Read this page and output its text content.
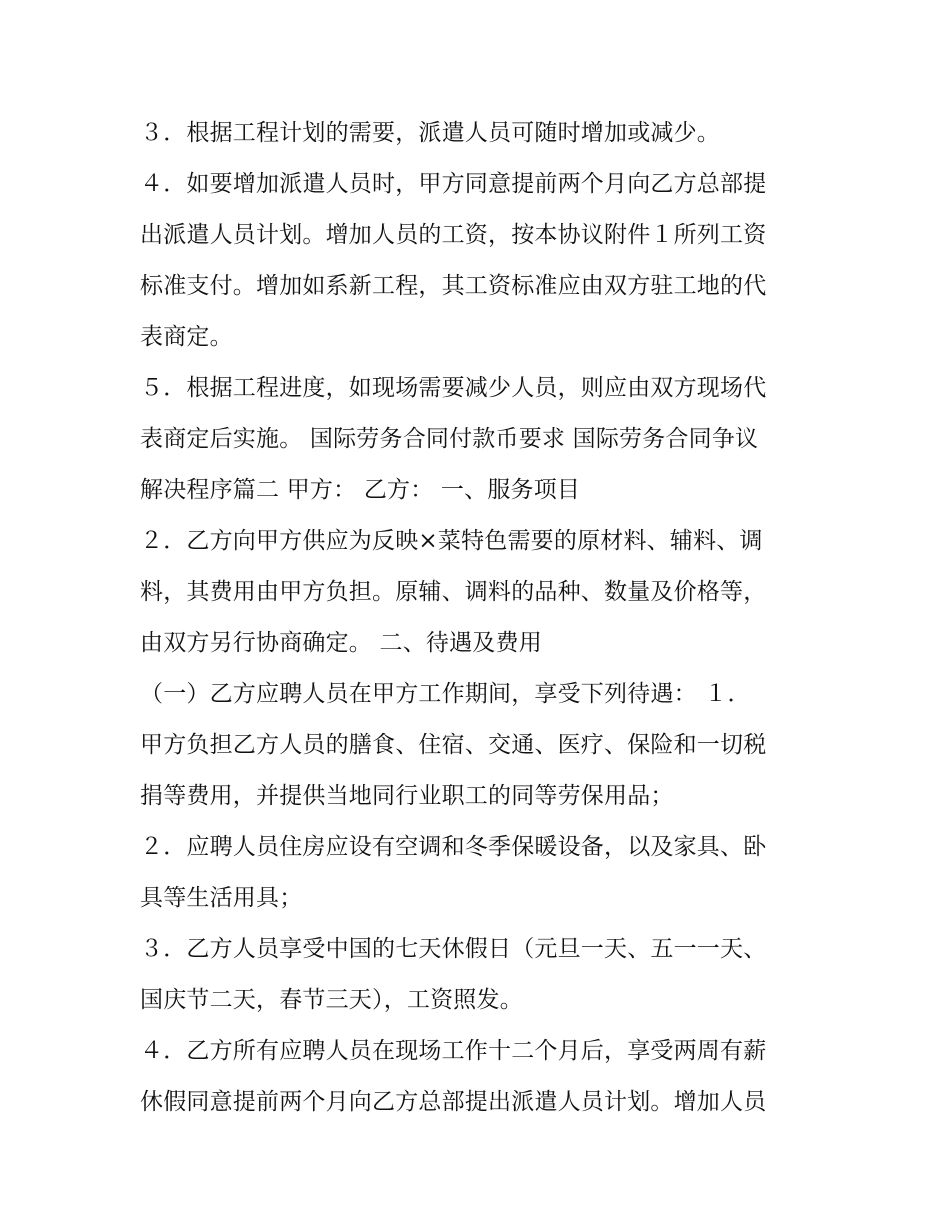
３．根据工程计划的需要，派遣人员可随时增加或减少。
４．如要增加派遣人员时，甲方同意提前两个月向乙方总部提
出派遣人员计划。增加人员的工资，按本协议附件１所列工资
标准支付。增加如系新工程，其工资标准应由双方驻工地的代
表商定。
５．根据工程进度，如现场需要减少人员，则应由双方现场代
表商定后实施。 国际劳务合同付款币要求 国际劳务合同争议
解决程序篇二 甲方： 乙方： 一、服务项目
２．乙方向甲方供应为反映×菜特色需要的原材料、辅料、调
料，其费用由甲方负担。原辅、调料的品种、数量及价格等，
由双方另行协商确定。 二、待遇及费用
（一）乙方应聘人员在甲方工作期间，享受下列待遇： １．
甲方负担乙方人员的膳食、住宿、交通、医疗、保险和一切税
捐等费用，并提供当地同行业职工的同等劳保用品；
２．应聘人员住房应设有空调和冬季保暖设备，以及家具、卧
具等生活用具；
３．乙方人员享受中国的七天休假日（元旦一天、五一一天、
国庆节二天，春节三天），工资照发。
４．乙方所有应聘人员在现场工作十二个月后，享受两周有薪
休假同意提前两个月向乙方总部提出派遣人员计划。增加人员
